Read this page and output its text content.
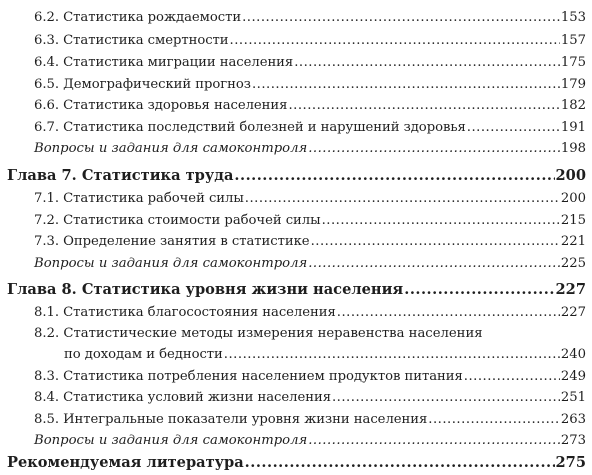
6.2. Статистика рождаемости .....	153
6.3. Статистика смертности .....	157
6.4. Статистика миграции населения .....	175
6.5. Демографический прогноз .....	179
6.6. Статистика здоровья населения .....	182
6.7. Статистика последствий болезней и нарушений здоровья .....	191
Вопросы и задания для самоконтроля .....	198
Глава 7. Статистика труда .....	200
7.1. Статистика рабочей силы .....	200
7.2. Статистика стоимости рабочей силы .....	215
7.3. Определение занятия в статистике .....	221
Вопросы и задания для самоконтроля .....	225
Глава 8. Статистика уровня жизни населения .....	227
8.1. Статистика благосостояния населения .....	227
8.2. Статистические методы измерения неравенства населения
по доходам и бедности .....	240
8.3. Статистика потребления населением продуктов питания .....	249
8.4. Статистика условий жизни населения .....	251
8.5. Интегральные показатели уровня жизни населения .....	263
Вопросы и задания для самоконтроля .....	273
Рекомендуемая литература .....	275
